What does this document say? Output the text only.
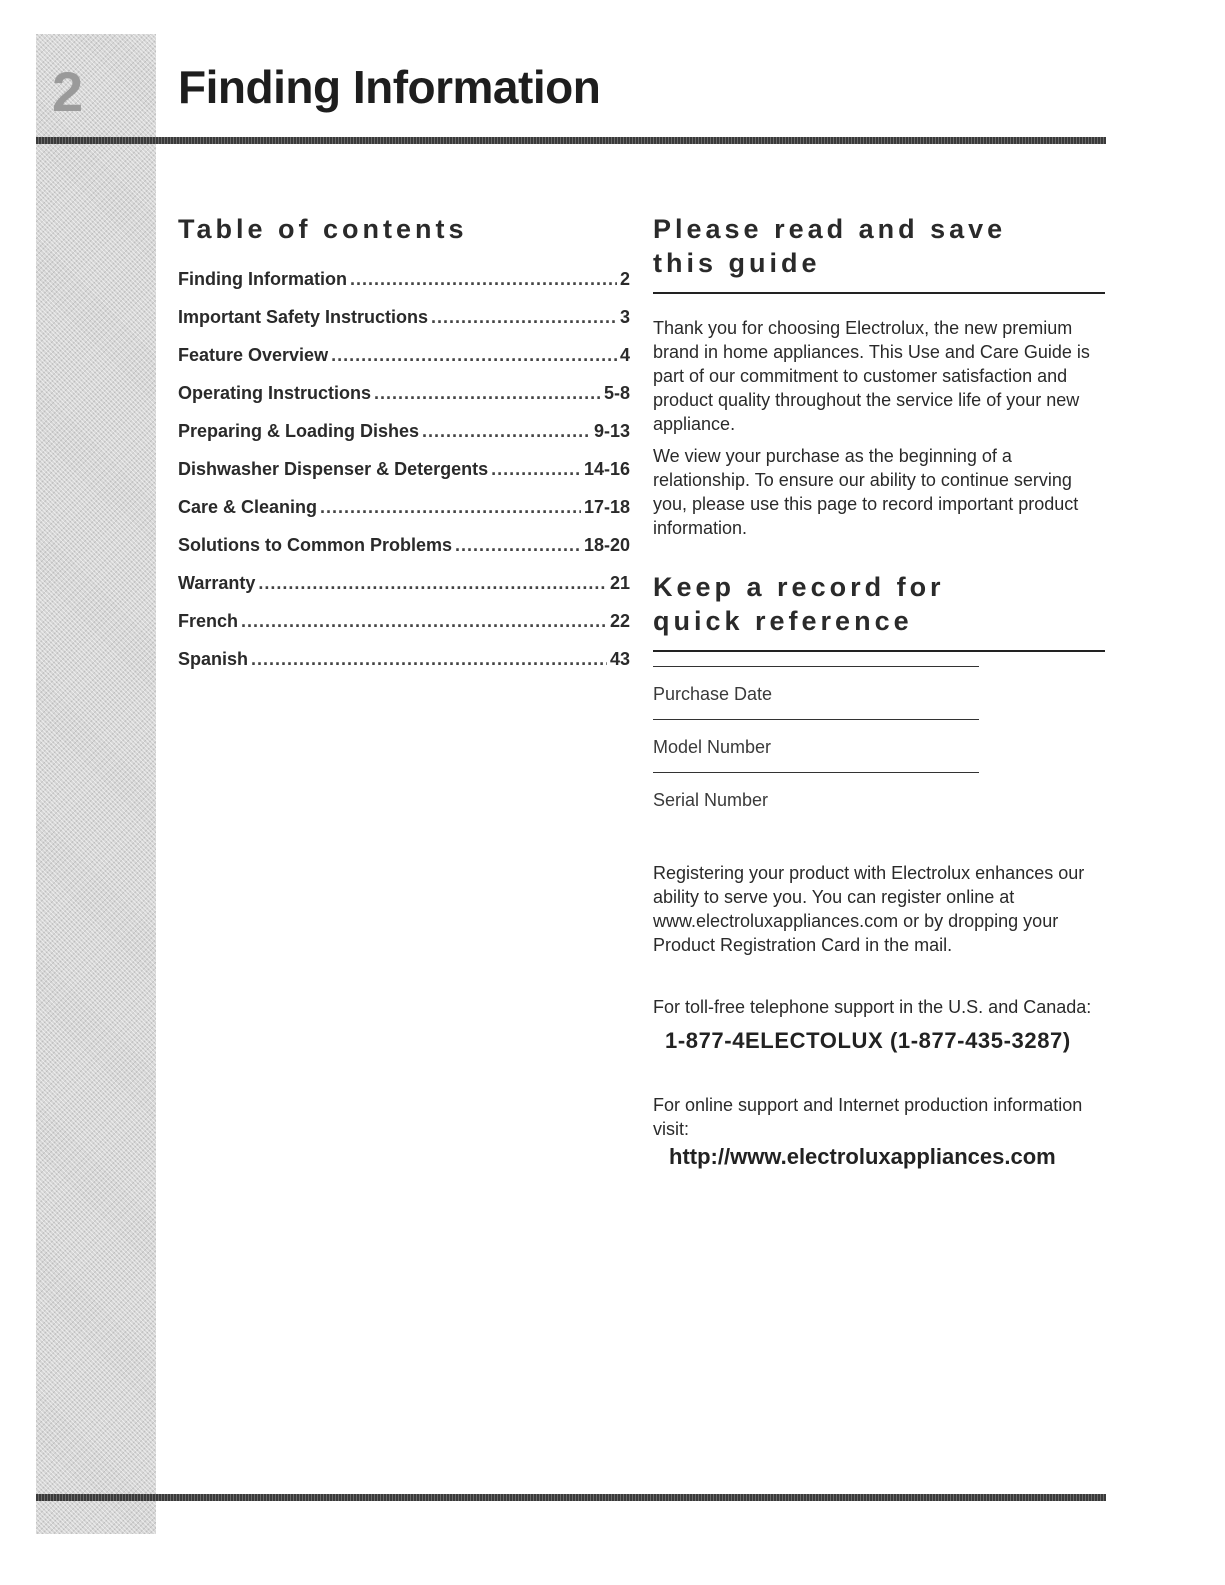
2 Finding Information
Table of contents
Finding Information .....	2
Important Safety Instructions .....	3
Feature Overview .....	4
Operating Instructions .....	5-8
Preparing & Loading Dishes .....	9-13
Dishwasher Dispenser & Detergents .....	14-16
Care & Cleaning .....	17-18
Solutions to Common Problems .....	18-20
Warranty .....	21
French .....	22
Spanish .....	43
Please read and save
this guide

Thank you for choosing Electrolux, the new premium brand in home appliances. This Use and Care Guide is part of our commitment to customer satisfaction and product quality throughout the service life of your new appliance.

We view your purchase as the beginning of a relationship. To ensure our ability to continue serving you, please use this page to record important product information.

Keep a record for
quick reference
Purchase Date
Model Number
Serial Number

Registering your product with Electrolux enhances our ability to serve you. You can register online at www.electroluxappliances.com or by dropping your Product Registration Card in the mail.

For toll-free telephone support in the U.S. and Canada:

1-877-4ELECTOLUX (1-877-435-3287)

For online support and Internet production information visit:

http://www.electroluxappliances.com
